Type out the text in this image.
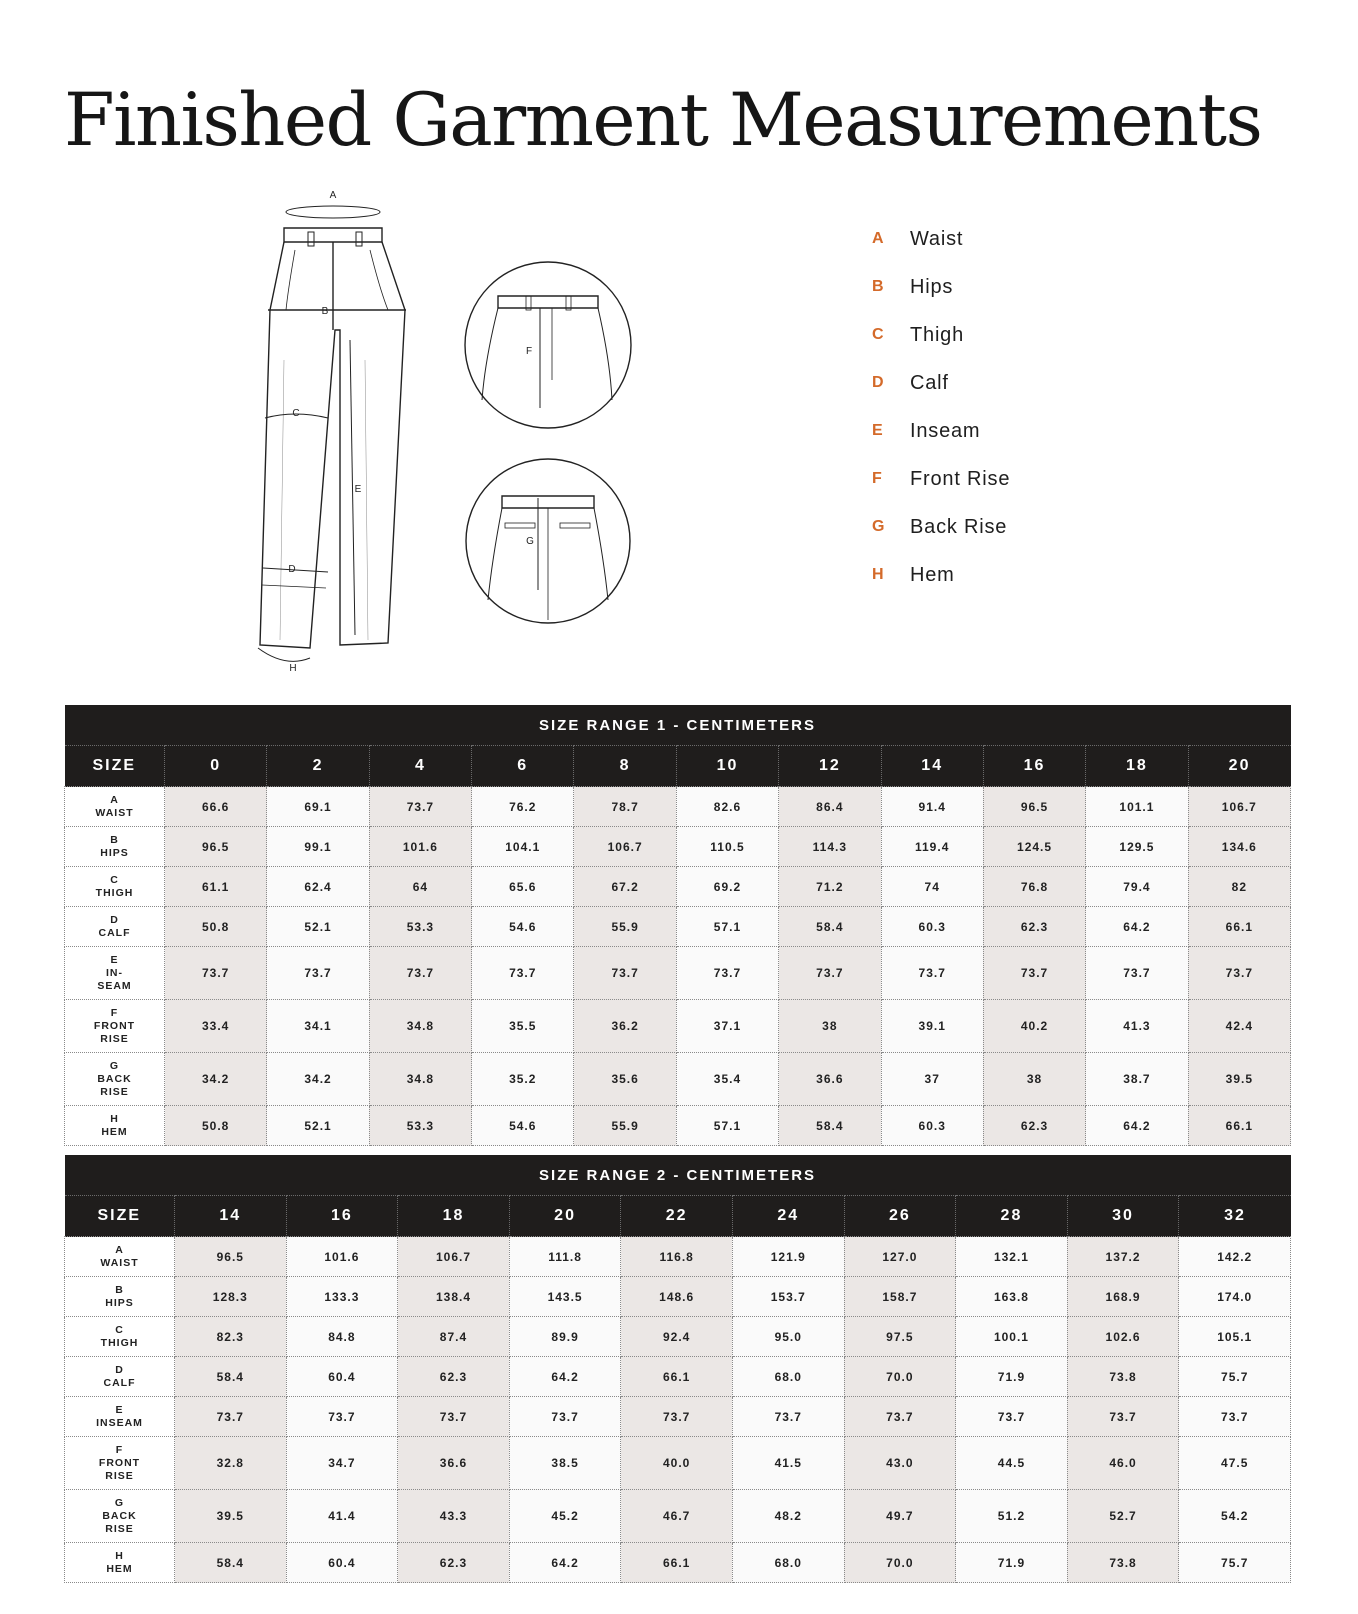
Finished Garment Measurements
A
B
C
E
D
H
F
G
A	Waist
B	Hips
C	Thigh
D	Calf
E	Inseam
F	Front Rise
G	Back Rise
H	Hem
SIZE RANGE 1 - CENTIMETERS											
SIZE	0	2	4	6	8	10	12	14	16	18	20

A
WAIST	66.6	69.1	73.7	76.2	78.7	82.6	86.4	91.4	96.5	101.1	106.7

B
HIPS	96.5	99.1	101.6	104.1	106.7	110.5	114.3	119.4	124.5	129.5	134.6

C
THIGH	61.1	62.4	64	65.6	67.2	69.2	71.2	74	76.8	79.4	82

D
CALF	50.8	52.1	53.3	54.6	55.9	57.1	58.4	60.3	62.3	64.2	66.1

E
IN-
SEAM	73.7	73.7	73.7	73.7	73.7	73.7	73.7	73.7	73.7	73.7	73.7

F
FRONT
RISE	33.4	34.1	34.8	35.5	36.2	37.1	38	39.1	40.2	41.3	42.4

G
BACK
RISE	34.2	34.2	34.8	35.2	35.6	35.4	36.6	37	38	38.7	39.5

H
HEM	50.8	52.1	53.3	54.6	55.9	57.1	58.4	60.3	62.3	64.2	66.1
SIZE RANGE 2 - CENTIMETERS										
SIZE	14	16	18	20	22	24	26	28	30	32

A
WAIST	96.5	101.6	106.7	111.8	116.8	121.9	127.0	132.1	137.2	142.2

B
HIPS	128.3	133.3	138.4	143.5	148.6	153.7	158.7	163.8	168.9	174.0

C
THIGH	82.3	84.8	87.4	89.9	92.4	95.0	97.5	100.1	102.6	105.1

D
CALF	58.4	60.4	62.3	64.2	66.1	68.0	70.0	71.9	73.8	75.7

E
INSEAM	73.7	73.7	73.7	73.7	73.7	73.7	73.7	73.7	73.7	73.7

F
FRONT
RISE	32.8	34.7	36.6	38.5	40.0	41.5	43.0	44.5	46.0	47.5

G
BACK
RISE	39.5	41.4	43.3	45.2	46.7	48.2	49.7	51.2	52.7	54.2

H
HEM	58.4	60.4	62.3	64.2	66.1	68.0	70.0	71.9	73.8	75.7
